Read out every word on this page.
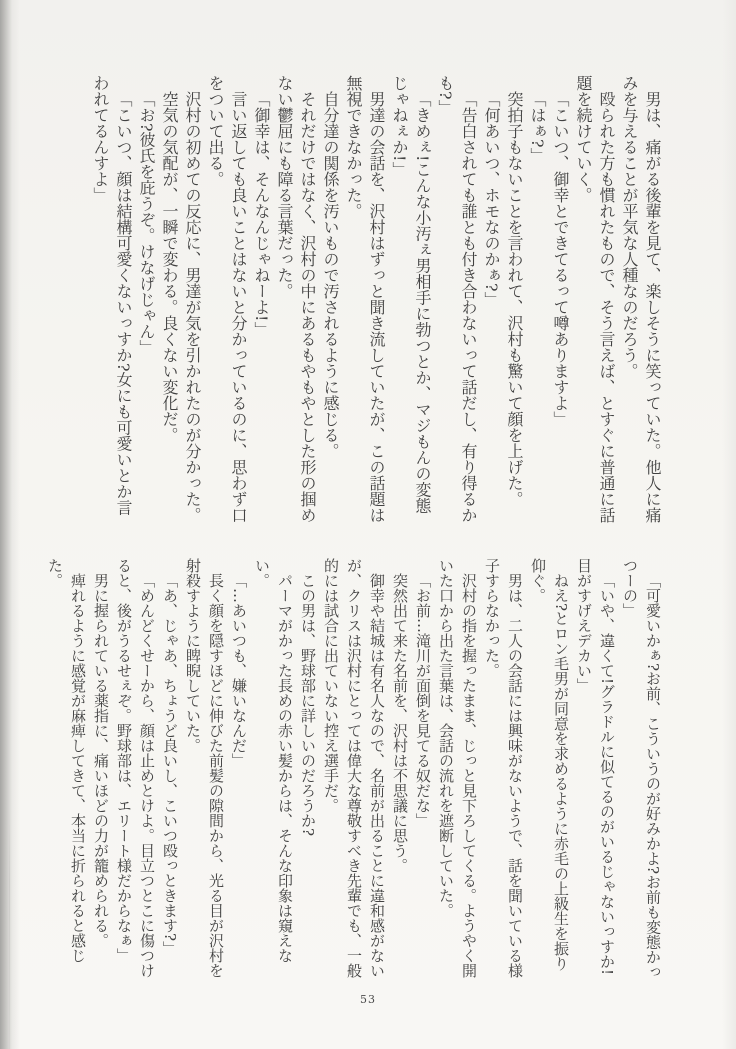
男は、痛がる後輩を見て、楽しそうに笑っていた。他人に痛みを与えることが平気な人種なのだろう。

殴られた方も慣れたもので、そう言えば、とすぐに普通に話題を続けていく。

「こいつ、御幸とできてるって噂ありますよ」

「はぁ?」

突拍子もないことを言われて、沢村も驚いて顔を上げた。

「何あいつ、ホモなのかぁ?」

「告白されても誰とも付き合わないって話だし、有り得るかも?」

「きめぇ!こんな小汚ぇ男相手に勃つとか、マジもんの変態じゃねぇか!」

男達の会話を、沢村はずっと聞き流していたが、この話題は無視できなかった。

自分達の関係を汚いもので汚されるように感じる。

それだけではなく、沢村の中にあるもやもやとした形の掴めない鬱屈にも障る言葉だった。

「御幸は、そんなんじゃねーよ!」

言い返しても良いことはないと分かっているのに、思わず口をついて出る。

沢村の初めての反応に、男達が気を引かれたのが分かった。

空気の気配が、一瞬で変わる。良くない変化だ。

「お?彼氏を庇うぞ。けなげじゃん」

「こいつ、顔は結構可愛くないっすか?女にも可愛いとか言われてるんすよ」

「可愛いかぁ?お前、こういうのが好みかよ?お前も変態かっつーの」

「いや、違くて!グラドルに似てるのがいるじゃないっすか!目がすげえデカい」

ねえ?とロン毛男が同意を求めるように赤毛の上級生を振り仰ぐ。

男は、二人の会話には興味がないようで、話を聞いている様子すらなかった。

沢村の指を握ったまま、じっと見下ろしてくる。ようやく開いた口から出た言葉は、会話の流れを遮断していた。

「お前…滝川が面倒を見てる奴だな」

突然出て来た名前を、沢村は不思議に思う。

御幸や結城は有名人なので、名前が出ることに違和感がないが、クリスは沢村にとっては偉大な尊敬すべき先輩でも、一般的には試合に出ていない控え選手だ。

この男は、野球部に詳しいのだろうか?

パーマがかった長めの赤い髪からは、そんな印象は窺えない。

「…あいつも、嫌いなんだ」

長く顔を隠すほどに伸びた前髪の隙間から、光る目が沢村を射殺すように睥睨していた。

「あ、じゃあ、ちょうど良いし、こいつ殴っときます?」

「めんどくせーから、顔は止めとけよ。目立つとこに傷つけると、後がうるせぇぞ。野球部は、エリート様だからなぁ」

男に握られている薬指に、痛いほどの力が籠められる。

痺れるように感覚が麻痺してきて、本当に折られると感じた。

53
